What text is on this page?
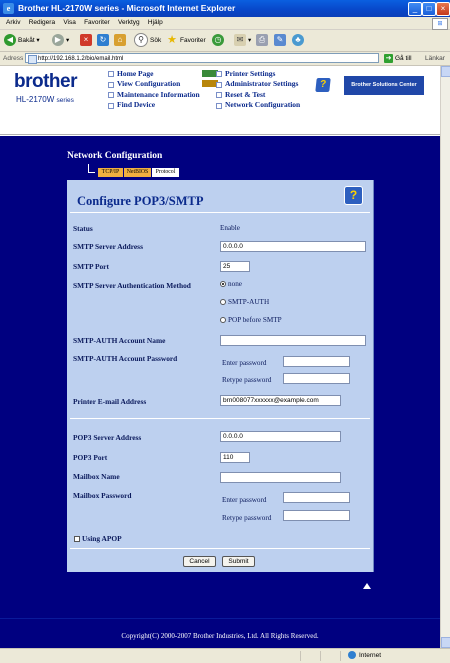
e Brother HL-2170W series - Microsoft Internet Explorer	_	□	×
Arkiv Redigera Visa Favoriter Verktyg Hjälp	⊞
◀ Bakåt ▾	▶ ▾	×	↻	⌂	⚲ Sök ★ Favoriter	◷	✉ ▾ ⎙	✎	♣
Adress	http://192.168.1.2/bio/email.html	➜ Gå till Länkar
brother
HL-2170W series
Home Page
View Configuration
Maintenance Information
Find Device
Printer Settings
Administrator Settings
Reset & Test
Network Configuration
?	Brother Solutions Center
Network Configuration
TCP/IP	NetBIOS	Protocol
Configure POP3/SMTP	?
Status	Enable
SMTP Server Address	0.0.0.0
SMTP Port	25
SMTP Server Authentication Method	none
SMTP-AUTH
POP before SMTP
SMTP-AUTH Account Name
SMTP-AUTH Account Password	Enter password
Retype password
Printer E-mail Address	brn008077xxxxxx@example.com
POP3 Server Address	0.0.0.0
POP3 Port	110
Mailbox Name
Mailbox Password	Enter password
Retype password
Using APOP
Cancel	Submit
Copyright(C) 2000-2007 Brother Industries, Ltd. All Rights Reserved.
Internet
